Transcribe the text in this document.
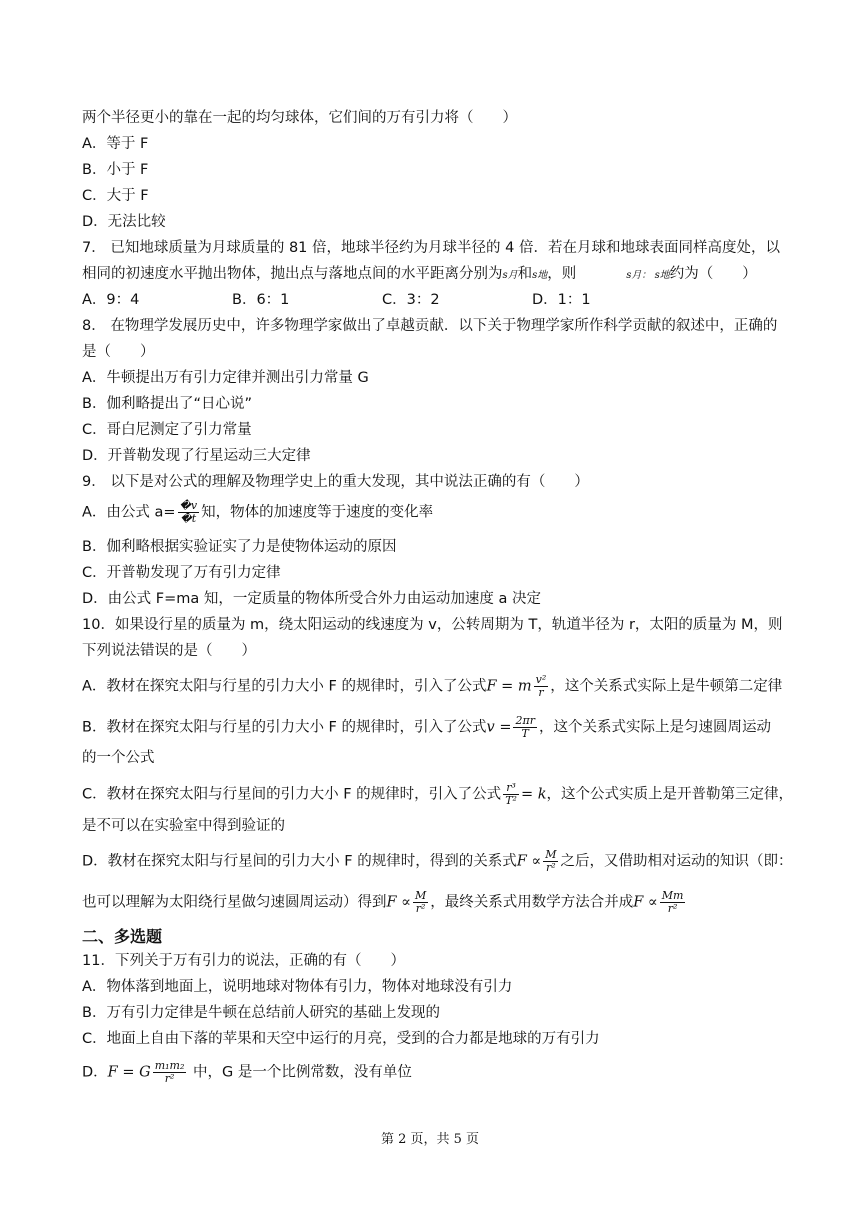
两个半径更小的靠在一起的均匀球体，它们间的万有引力将（　　）
A．等于 F
B．小于 F
C．大于 F
D．无法比较
7． 已知地球质量为月球质量的 81 倍，地球半径约为月球半径的 4 倍．若在月球和地球表面同样高度处，以
相同的初速度水平抛出物体，抛出点与落地点间的水平距离分别为s月和s地，则	s月： s地约为（　　）
A．9：4	B．6：1	C．3：2	D．1：1
8． 在物理学发展历史中，许多物理学家做出了卓越贡献．以下关于物理学家所作科学贡献的叙述中，正确的
是（　　）
A．牛顿提出万有引力定律并测出引力常量 G
B．伽利略提出了“日心说”
C．哥白尼测定了引力常量
D．开普勒发现了行星运动三大定律
9． 以下是对公式的理解及物理学史上的重大发现，其中说法正确的有（　　）
A．由公式 $a= \frac{�v}{�t}$ 知，物体的加速度等于速度的变化率
B．伽利略根据实验证实了力是使物体运动的原因
C．开普勒发现了万有引力定律
D．由公式 F=ma 知，一定质量的物体所受合外力由运动加速度 a 决定
10．如果设行星的质量为 m，绕太阳运动的线速度为 v，公转周期为 T，轨道半径为 r，太阳的质量为 M，则
下列说法错误的是（　　）
A．教材在探究太阳与行星的引力大小 F 的规律时，引入了公式F = m $\frac{\text{v²}}{r}$ ，这个关系式实际上是牛顿第二定律
B．教材在探究太阳与行星的引力大小 F 的规律时，引入了公式$v = \frac{2\pi r}{T}$ ，这个关系式实际上是匀速圆周运动
的一个公式
C．教材在探究太阳与行星间的引力大小 F 的规律时，引入了公式 $\frac{\text{r³}}{\text{T²}} = k$，这个公式实质上是开普勒第三定律，
是不可以在实验室中得到验证的
D．教材在探究太阳与行星间的引力大小 F 的规律时，得到的关系式$F \propto \frac{M}{\text{r²}}$ 之后，又借助相对运动的知识（即：
也可以理解为太阳绕行星做匀速圆周运动）得到$F \propto \frac{M}{\text{r²}}$ ，最终关系式用数学方法合并成$F \propto \frac{Mm}{\text{r²}}$
二、多选题
11．下列关于万有引力的说法，正确的有（　　）
A．物体落到地面上，说明地球对物体有引力，物体对地球没有引力
B．万有引力定律是牛顿在总结前人研究的基础上发现的
C．地面上自由下落的苹果和天空中运行的月亮，受到的合力都是地球的万有引力
D．F = G $\frac{\text{m₁m₂}}{\text{r²}}$ 中，G 是一个比例常数，没有单位
第 2 页，共 5 页
